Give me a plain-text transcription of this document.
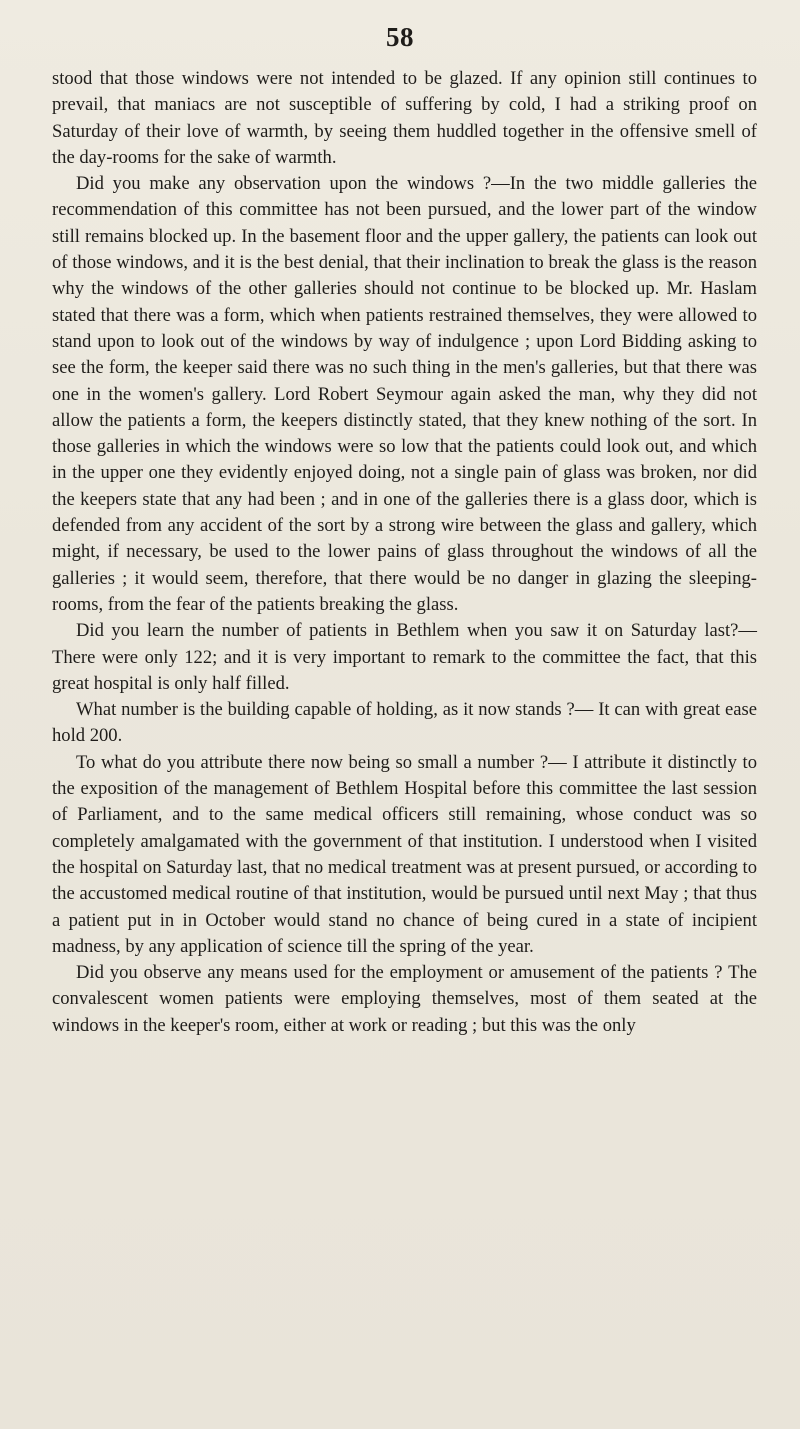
58

stood that those windows were not intended to be glazed. If any opinion still continues to prevail, that maniacs are not susceptible of suffering by cold, I had a striking proof on Saturday of their love of warmth, by seeing them huddled together in the offensive smell of the day-rooms for the sake of warmth.

Did you make any observation upon the windows ?—In the two middle galleries the recommendation of this committee has not been pursued, and the lower part of the window still remains blocked up. In the basement floor and the upper gallery, the patients can look out of those windows, and it is the best denial, that their inclination to break the glass is the reason why the windows of the other galleries should not continue to be blocked up. Mr. Haslam stated that there was a form, which when patients restrained themselves, they were allowed to stand upon to look out of the windows by way of indulgence ; upon Lord Bidding asking to see the form, the keeper said there was no such thing in the men's galleries, but that there was one in the women's gallery. Lord Robert Seymour again asked the man, why they did not allow the patients a form, the keepers distinctly stated, that they knew nothing of the sort. In those galleries in which the windows were so low that the patients could look out, and which in the upper one they evidently enjoyed doing, not a single pain of glass was broken, nor did the keepers state that any had been ; and in one of the galleries there is a glass door, which is defended from any accident of the sort by a strong wire between the glass and gallery, which might, if necessary, be used to the lower pains of glass throughout the windows of all the galleries ; it would seem, therefore, that there would be no danger in glazing the sleeping-rooms, from the fear of the patients breaking the glass.

Did you learn the number of patients in Bethlem when you saw it on Saturday last?—There were only 122; and it is very important to remark to the committee the fact, that this great hospital is only half filled.

What number is the building capable of holding, as it now stands ?— It can with great ease hold 200.

To what do you attribute there now being so small a number ?— I attribute it distinctly to the exposition of the management of Bethlem Hospital before this committee the last session of Parliament, and to the same medical officers still remaining, whose conduct was so completely amalgamated with the government of that institution. I understood when I visited the hospital on Saturday last, that no medical treatment was at present pursued, or according to the accustomed medical routine of that institution, would be pursued until next May ; that thus a patient put in in October would stand no chance of being cured in a state of incipient madness, by any application of science till the spring of the year.

Did you observe any means used for the employment or amusement of the patients ? The convalescent women patients were employing themselves, most of them seated at the windows in the keeper's room, either at work or reading ; but this was the only
